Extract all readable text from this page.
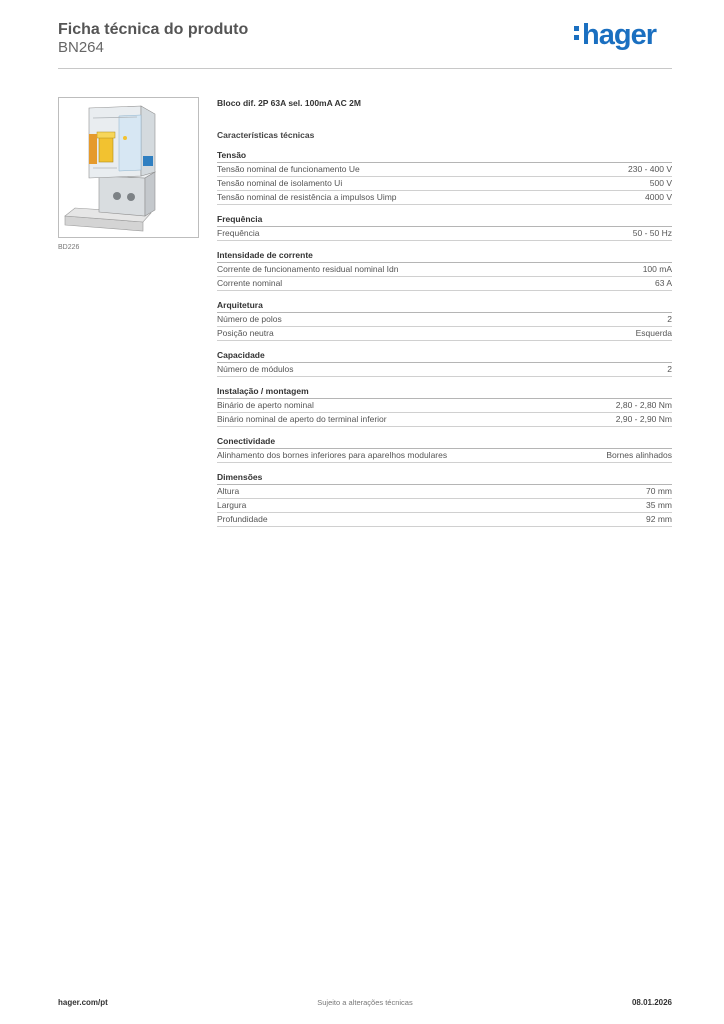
Ficha técnica do produto
BN264	hager
BD226
Bloco dif. 2P 63A sel. 100mA AC 2M
Características técnicas
Tensão
Tensão nominal de funcionamento Ue	230 - 400 V
Tensão nominal de isolamento Ui	500 V
Tensão nominal de resistência a impulsos Uimp	4000 V
Frequência
Frequência	50 - 50 Hz
Intensidade de corrente
Corrente de funcionamento residual nominal Idn	100 mA
Corrente nominal	63 A
Arquitetura
Número de polos	2
Posição neutra	Esquerda
Capacidade
Número de módulos	2
Instalação / montagem
Binário de aperto nominal	2,80 - 2,80 Nm
Binário nominal de aperto do terminal inferior	2,90 - 2,90 Nm
Conectividade
Alinhamento dos bornes inferiores para aparelhos modulares	Bornes alinhados
Dimensões
Altura	70 mm
Largura	35 mm
Profundidade	92 mm
hager.com/pt	Sujeito a alterações técnicas	08.01.2026
